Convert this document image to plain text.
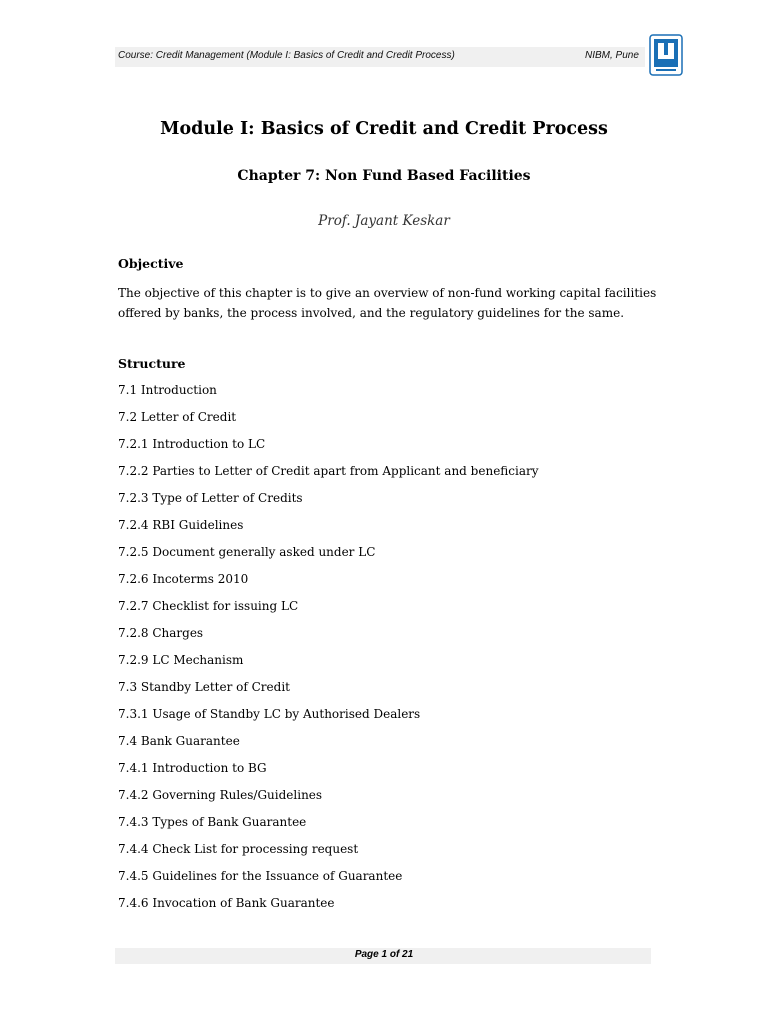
Course: Credit Management (Module I: Basics of Credit and Credit Process)	NIBM, Pune
Module I: Basics of Credit and Credit Process
Chapter 7: Non Fund Based Facilities
Prof. Jayant Keskar
Objective

The objective of this chapter is to give an overview of non-fund working capital facilities offered by banks, the process involved, and the regulatory guidelines for the same.

Structure
7.1 Introduction
7.2 Letter of Credit
7.2.1 Introduction to LC
7.2.2 Parties to Letter of Credit apart from Applicant and beneficiary
7.2.3 Type of Letter of Credits
7.2.4 RBI Guidelines
7.2.5 Document generally asked under LC
7.2.6 Incoterms 2010
7.2.7 Checklist for issuing LC
7.2.8 Charges
7.2.9 LC Mechanism
7.3 Standby Letter of Credit
7.3.1 Usage of Standby LC by Authorised Dealers
7.4 Bank Guarantee
7.4.1 Introduction to BG
7.4.2 Governing Rules/Guidelines
7.4.3 Types of Bank Guarantee
7.4.4 Check List for processing request
7.4.5 Guidelines for the Issuance of Guarantee
7.4.6 Invocation of Bank Guarantee
Page 1 of 21
